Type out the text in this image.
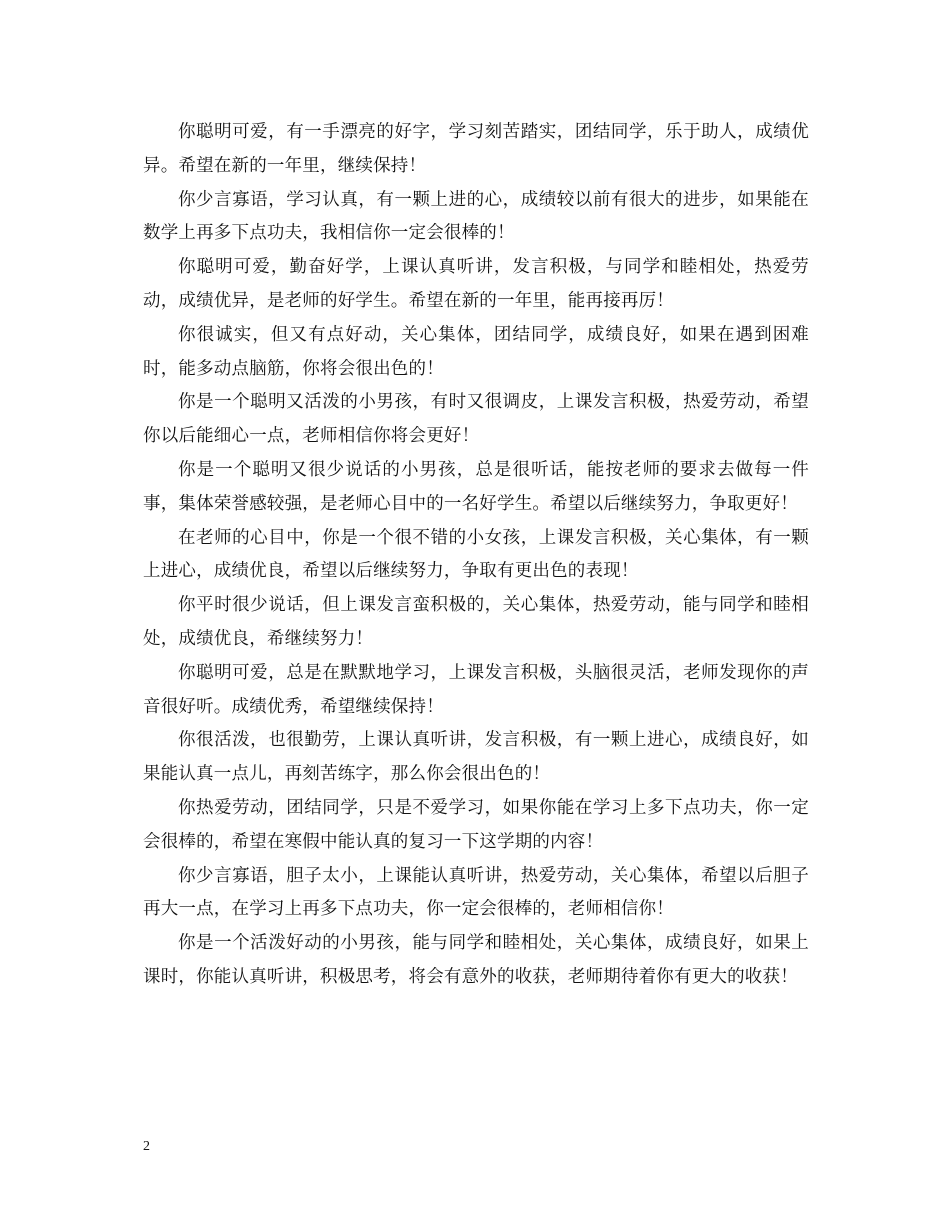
你聪明可爱，有一手漂亮的好字，学习刻苦踏实，团结同学，乐于助人，成绩优异。希望在新的一年里，继续保持！

你少言寡语，学习认真，有一颗上进的心，成绩较以前有很大的进步，如果能在数学上再多下点功夫，我相信你一定会很棒的！

你聪明可爱，勤奋好学，上课认真听讲，发言积极，与同学和睦相处，热爱劳动，成绩优异，是老师的好学生。希望在新的一年里，能再接再厉！

你很诚实，但又有点好动，关心集体，团结同学，成绩良好，如果在遇到困难时，能多动点脑筋，你将会很出色的！

你是一个聪明又活泼的小男孩，有时又很调皮，上课发言积极，热爱劳动，希望你以后能细心一点，老师相信你将会更好！

你是一个聪明又很少说话的小男孩，总是很听话，能按老师的要求去做每一件事，集体荣誉感较强，是老师心目中的一名好学生。希望以后继续努力，争取更好！

在老师的心目中，你是一个很不错的小女孩，上课发言积极，关心集体，有一颗上进心，成绩优良，希望以后继续努力，争取有更出色的表现！

你平时很少说话，但上课发言蛮积极的，关心集体，热爱劳动，能与同学和睦相处，成绩优良，希继续努力！

你聪明可爱，总是在默默地学习，上课发言积极，头脑很灵活，老师发现你的声音很好听。成绩优秀，希望继续保持！

你很活泼，也很勤劳，上课认真听讲，发言积极，有一颗上进心，成绩良好，如果能认真一点儿，再刻苦练字，那么你会很出色的！

你热爱劳动，团结同学，只是不爱学习，如果你能在学习上多下点功夫，你一定会很棒的，希望在寒假中能认真的复习一下这学期的内容！

你少言寡语，胆子太小，上课能认真听讲，热爱劳动，关心集体，希望以后胆子再大一点，在学习上再多下点功夫，你一定会很棒的，老师相信你！

你是一个活泼好动的小男孩，能与同学和睦相处，关心集体，成绩良好，如果上课时，你能认真听讲，积极思考，将会有意外的收获，老师期待着你有更大的收获！

2
